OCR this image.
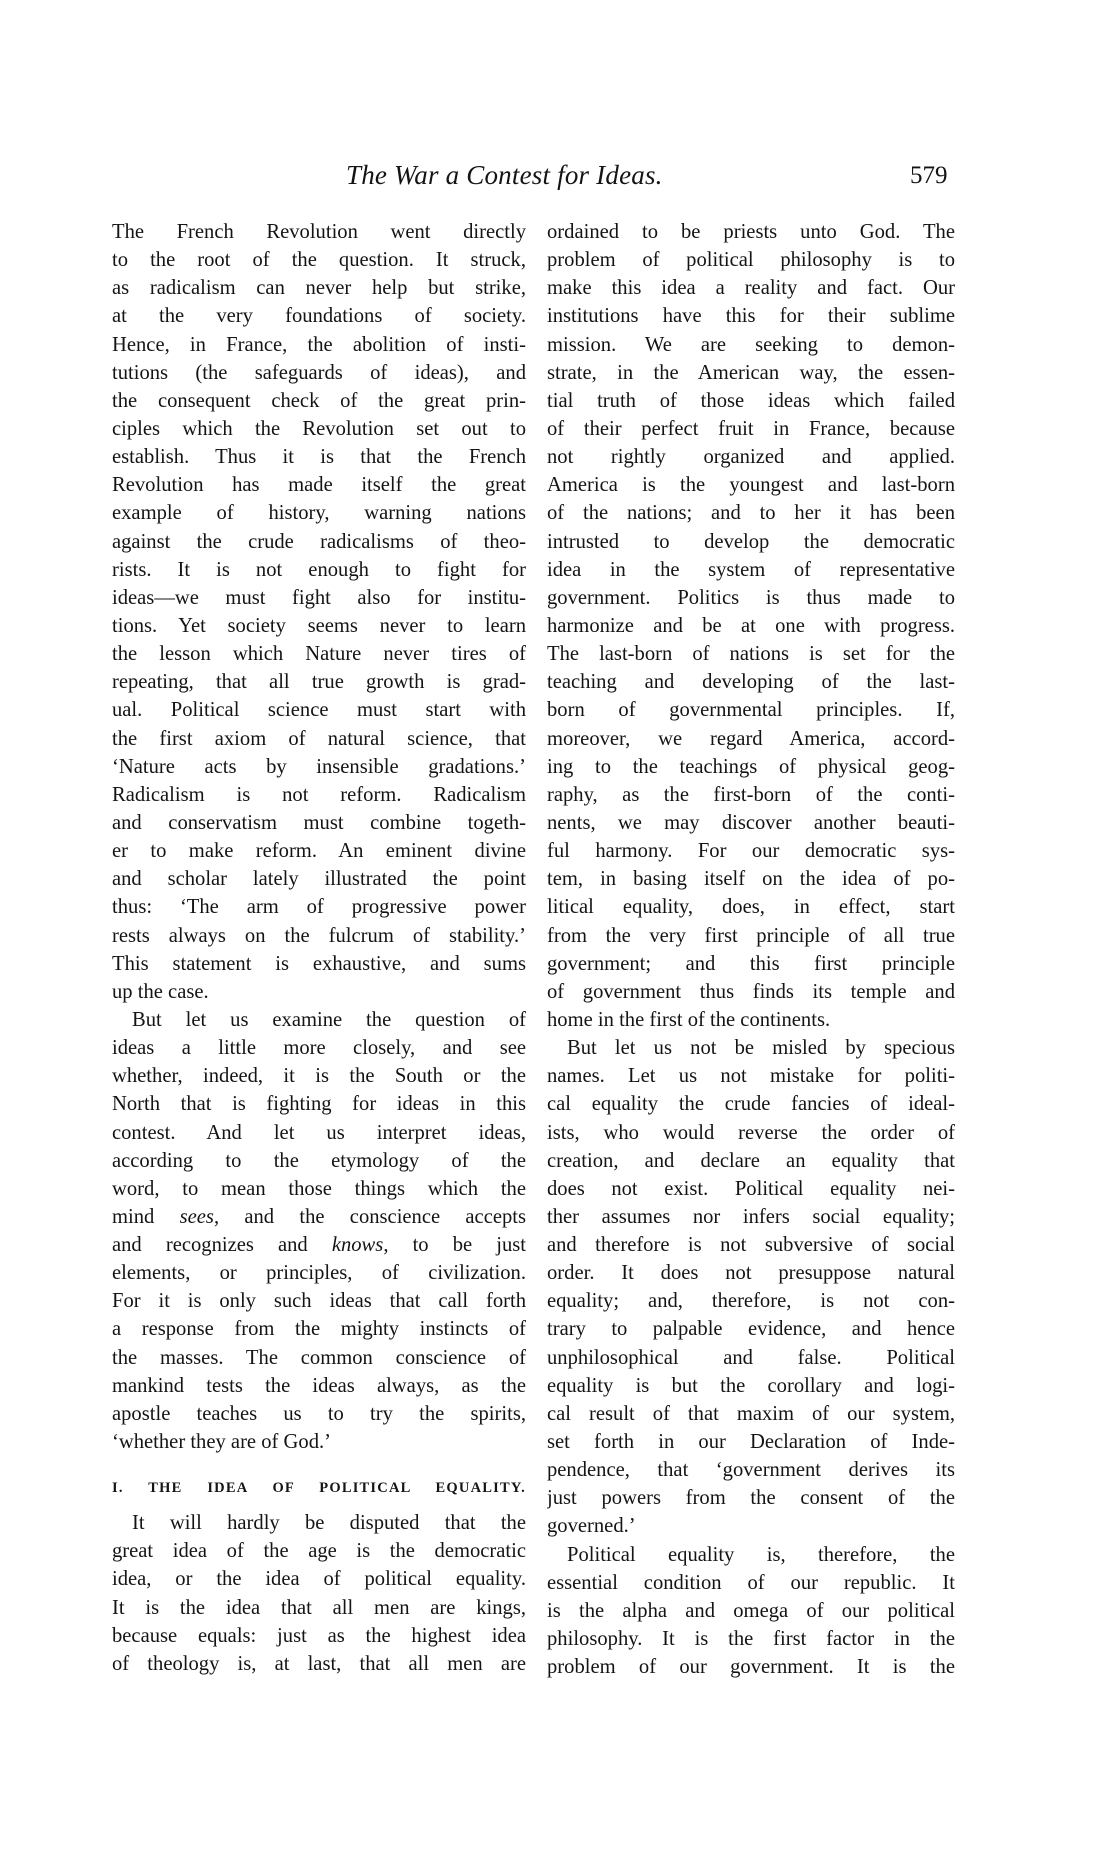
The War a Contest for Ideas.	579
The French Revolution went directly
to the root of the question. It struck,
as radicalism can never help but strike,
at the very foundations of society.
Hence, in France, the abolition of insti-
tutions (the safeguards of ideas), and
the consequent check of the great prin-
ciples which the Revolution set out to
establish. Thus it is that the French
Revolution has made itself the great
example of history, warning nations
against the crude radicalisms of theo-
rists. It is not enough to fight for
ideas—we must fight also for institu-
tions. Yet society seems never to learn
the lesson which Nature never tires of
repeating, that all true growth is grad-
ual. Political science must start with
the first axiom of natural science, that
‘Nature acts by insensible gradations.’
Radicalism is not reform. Radicalism
and conservatism must combine togeth-
er to make reform. An eminent divine
and scholar lately illustrated the point
thus: ‘The arm of progressive power
rests always on the fulcrum of stability.’
This statement is exhaustive, and sums
up the case.
But let us examine the question of
ideas a little more closely, and see
whether, indeed, it is the South or the
North that is fighting for ideas in this
contest. And let us interpret ideas,
according to the etymology of the
word, to mean those things which the
mind sees, and the conscience accepts
and recognizes and knows, to be just
elements, or principles, of civilization.
For it is only such ideas that call forth
a response from the mighty instincts of
the masses. The common conscience of
mankind tests the ideas always, as the
apostle teaches us to try the spirits,
‘whether they are of God.’
I. THE IDEA OF POLITICAL EQUALITY.
It will hardly be disputed that the
great idea of the age is the democratic
idea, or the idea of political equality.
It is the idea that all men are kings,
because equals: just as the highest idea
of theology is, at last, that all men are
ordained to be priests unto God. The
problem of political philosophy is to
make this idea a reality and fact. Our
institutions have this for their sublime
mission. We are seeking to demon-
strate, in the American way, the essen-
tial truth of those ideas which failed
of their perfect fruit in France, because
not rightly organized and applied.
America is the youngest and last-born
of the nations; and to her it has been
intrusted to develop the democratic
idea in the system of representative
government. Politics is thus made to
harmonize and be at one with progress.
The last-born of nations is set for the
teaching and developing of the last-
born of governmental principles. If,
moreover, we regard America, accord-
ing to the teachings of physical geog-
raphy, as the first-born of the conti-
nents, we may discover another beauti-
ful harmony. For our democratic sys-
tem, in basing itself on the idea of po-
litical equality, does, in effect, start
from the very first principle of all true
government; and this first principle
of government thus finds its temple and
home in the first of the continents.
But let us not be misled by specious
names. Let us not mistake for politi-
cal equality the crude fancies of ideal-
ists, who would reverse the order of
creation, and declare an equality that
does not exist. Political equality nei-
ther assumes nor infers social equality;
and therefore is not subversive of social
order. It does not presuppose natural
equality; and, therefore, is not con-
trary to palpable evidence, and hence
unphilosophical and false. Political
equality is but the corollary and logi-
cal result of that maxim of our system,
set forth in our Declaration of Inde-
pendence, that ‘government derives its
just powers from the consent of the
governed.’
Political equality is, therefore, the
essential condition of our republic. It
is the alpha and omega of our political
philosophy. It is the first factor in the
problem of our government. It is the
